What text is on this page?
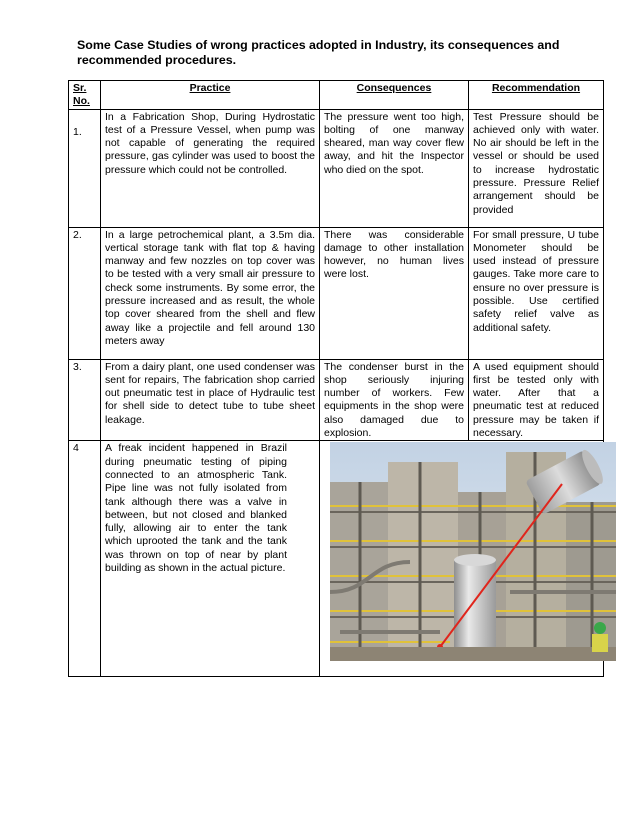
Some Case Studies of wrong practices adopted in Industry, its consequences and recommended procedures.
Sr. No.	Practice	Consequences	Recommendation
1.	In a Fabrication Shop, During Hydrostatic test of a Pressure Vessel, when pump was not capable of generating the required pressure, gas cylinder was used to boost the pressure which could not be controlled.	The pressure went too high, bolting of one manway sheared, man way cover flew away, and hit the Inspector who died on the spot.	Test Pressure should be achieved only with water. No air should be left in the vessel or should be used to increase hydrostatic pressure. Pressure Relief arrangement should be provided
2.	In a large petrochemical plant, a 3.5m dia. vertical storage tank with flat top & having manway and few nozzles on top cover was to be tested with a very small air pressure to check some instruments. By some error, the pressure increased and as result, the whole top cover sheared from the shell and flew away like a projectile and fell around 130 meters away	There was considerable damage to other installation however, no human lives were lost.	For small pressure, U tube Monometer should be used instead of pressure gauges. Take more care to ensure no over pressure is possible. Use certified safety relief valve as additional safety.
3.	From a dairy plant, one used condenser was sent for repairs, The fabrication shop carried out pneumatic test in place of Hydraulic test for shell side to detect tube to tube sheet leakage.	The condenser burst in the shop seriously injuring number of workers. Few equipments in the shop were also damaged due to explosion.	A used equipment should first be tested only with water. After that a pneumatic test at reduced pressure may be taken if necessary.
4	A freak incident happened in Brazil during pneumatic testing of piping connected to an atmospheric Tank. Pipe line was not fully isolated from tank although there was a valve in between, but not closed and blanked fully, allowing air to enter the tank which uprooted the tank and the tank was thrown on top of near by plant building as shown in the actual picture.
